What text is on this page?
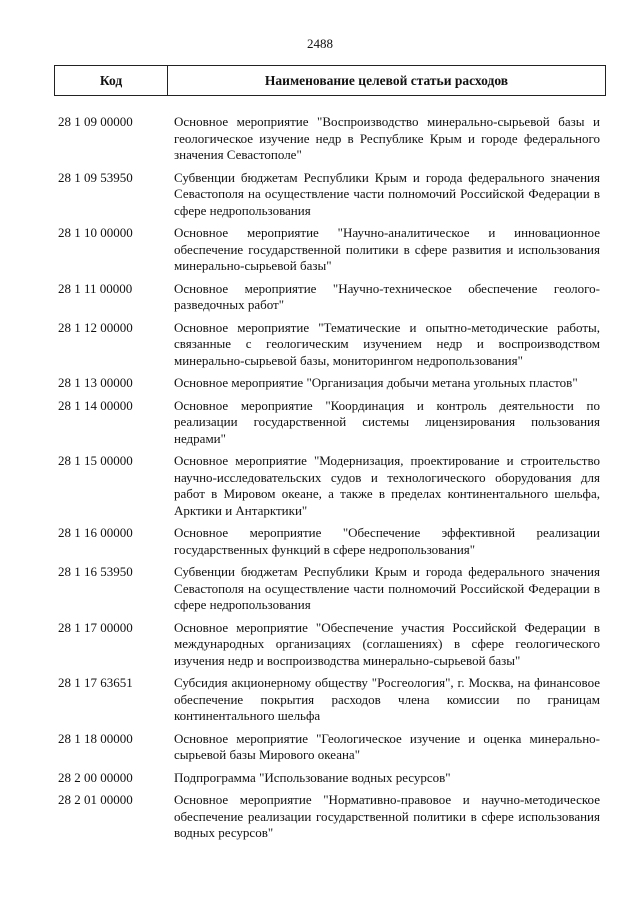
2488
Код	Наименование целевой статьи расходов
28 1 09 00000	Основное мероприятие "Воспроизводство минерально-сырьевой базы и геологическое изучение недр в Республике Крым и городе федерального значения Севастополе"
28 1 09 53950	Субвенции бюджетам Республики Крым и города федерального значения Севастополя на осуществление части полномочий Российской Федерации в сфере недропользования
28 1 10 00000	Основное мероприятие "Научно-аналитическое и инновационное обеспечение государственной политики в сфере развития и использования минерально-сырьевой базы"
28 1 11 00000	Основное мероприятие "Научно-техническое обеспечение геолого-разведочных работ"
28 1 12 00000	Основное мероприятие "Тематические и опытно-методические работы, связанные с геологическим изучением недр и воспроизводством минерально-сырьевой базы, мониторингом недропользования"
28 1 13 00000	Основное мероприятие "Организация добычи метана угольных пластов"
28 1 14 00000	Основное мероприятие "Координация и контроль деятельности по реализации государственной системы лицензирования пользования недрами"
28 1 15 00000	Основное мероприятие "Модернизация, проектирование и строительство научно-исследовательских судов и технологического оборудования для работ в Мировом океане, а также в пределах континентального шельфа, Арктики и Антарктики"
28 1 16 00000	Основное мероприятие "Обеспечение эффективной реализации государственных функций в сфере недропользования"
28 1 16 53950	Субвенции бюджетам Республики Крым и города федерального значения Севастополя на осуществление части полномочий Российской Федерации в сфере недропользования
28 1 17 00000	Основное мероприятие "Обеспечение участия Российской Федерации в международных организациях (соглашениях) в сфере геологического изучения недр и воспроизводства минерально-сырьевой базы"
28 1 17 63651	Субсидия акционерному обществу "Росгеология", г. Москва, на финансовое обеспечение покрытия расходов члена комиссии по границам континентального шельфа
28 1 18 00000	Основное мероприятие "Геологическое изучение и оценка минерально-сырьевой базы Мирового океана"
28 2 00 00000	Подпрограмма "Использование водных ресурсов"
28 2 01 00000	Основное мероприятие "Нормативно-правовое и научно-методическое обеспечение реализации государственной политики в сфере использования водных ресурсов"
